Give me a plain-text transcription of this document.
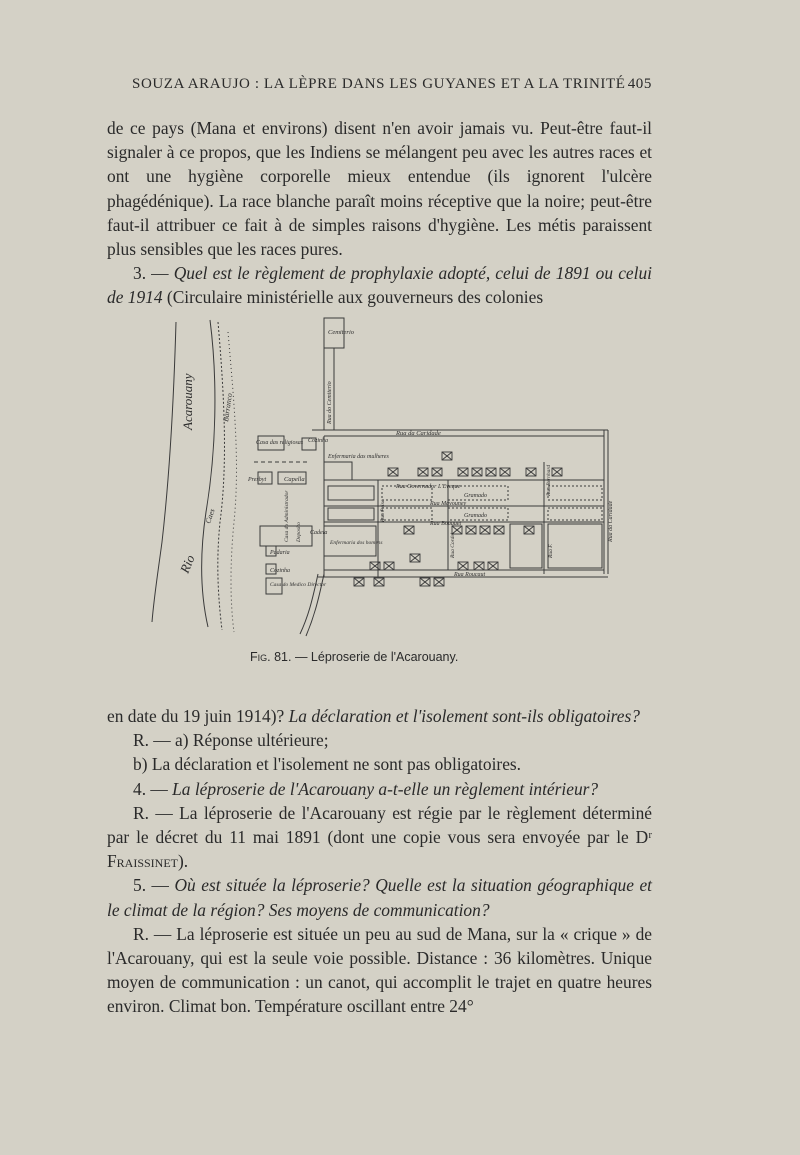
SOUZA ARAUJO : LA LÈPRE DANS LES GUYANES ET A LA TRINITÉ 405

de ce pays (Mana et environs) disent n'en avoir jamais vu. Peut-être faut-il signaler à ce propos, que les Indiens se mélangent peu avec les autres races et ont une hygiène corporelle mieux entendue (ils ignorent l'ulcère phagédénique). La race blanche paraît moins réceptive que la noire; peut-être faut-il attribuer ce fait à de simples raisons d'hygiène. Les métis paraissent plus sensibles que les races pures.

3. — Quel est le règlement de prophylaxie adopté, celui de 1891 ou celui de 1914 (Circulaire ministérielle aux gouverneurs des colonies

Acarouany
Rio
Barranco
Caes
Cemiterio
Rua do Cemiterio
Rua da Caridade
Rua da Caridade
Casa das religiosas Cozinha
Enfermaria das mulheres
Presbyt	Capella
Rua Governador L'Eveque
Gramado
Rua Mavouney
Gramado
Rua Bouquet
Enfermaria dos homens
Rua Roucaut
Cadeia
Casa do Administrador Deposito
Padaria
Cozinha
Casa do Medico Director
Rua Peixe
Rua Cordel
Rua Bernhard
Rua F.
Fig. 81. — Léproserie de l'Acarouany.

en date du 19 juin 1914)? La déclaration et l'isolement sont-ils obligatoires?

R. — a) Réponse ultérieure;

b) La déclaration et l'isolement ne sont pas obligatoires.

4. — La léproserie de l'Acarouany a-t-elle un règlement intérieur?

R. — La léproserie de l'Acarouany est régie par le règlement déterminé par le décret du 11 mai 1891 (dont une copie vous sera envoyée par le Dʳ Fraissinet).

5. — Où est située la léproserie? Quelle est la situation géographique et le climat de la région? Ses moyens de communication?

R. — La léproserie est située un peu au sud de Mana, sur la « crique » de l'Acarouany, qui est la seule voie possible. Distance : 36 kilomètres. Unique moyen de communication : un canot, qui accomplit le trajet en quatre heures environ. Climat bon. Température oscillant entre 24°
